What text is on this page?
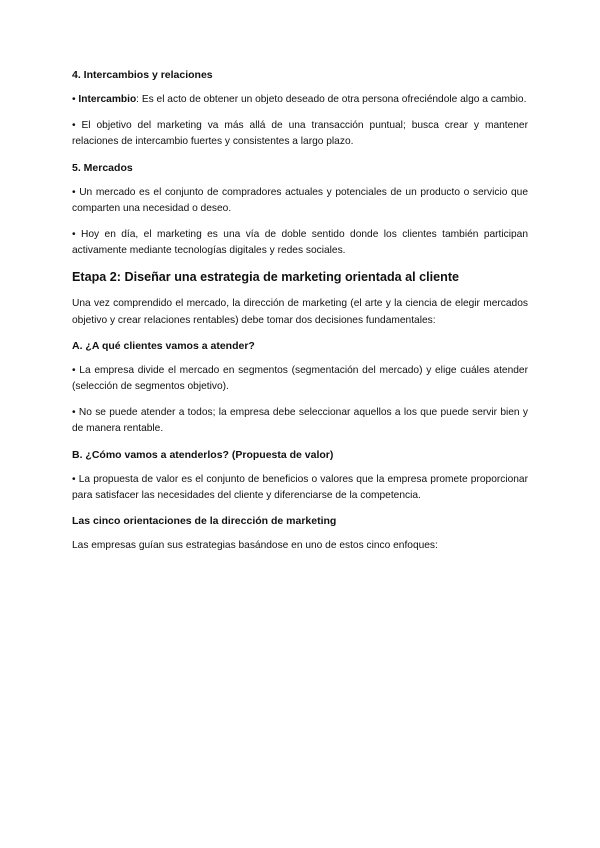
4. Intercambios y relaciones

• Intercambio: Es el acto de obtener un objeto deseado de otra persona ofreciéndole algo a cambio.

• El objetivo del marketing va más allá de una transacción puntual; busca crear y mantener relaciones de intercambio fuertes y consistentes a largo plazo.

5. Mercados

• Un mercado es el conjunto de compradores actuales y potenciales de un producto o servicio que comparten una necesidad o deseo.

• Hoy en día, el marketing es una vía de doble sentido donde los clientes también participan activamente mediante tecnologías digitales y redes sociales.

Etapa 2: Diseñar una estrategia de marketing orientada al cliente

Una vez comprendido el mercado, la dirección de marketing (el arte y la ciencia de elegir mercados objetivo y crear relaciones rentables) debe tomar dos decisiones fundamentales:

A. ¿A qué clientes vamos a atender?

• La empresa divide el mercado en segmentos (segmentación del mercado) y elige cuáles atender (selección de segmentos objetivo).

• No se puede atender a todos; la empresa debe seleccionar aquellos a los que puede servir bien y de manera rentable.

B. ¿Cómo vamos a atenderlos? (Propuesta de valor)

• La propuesta de valor es el conjunto de beneficios o valores que la empresa promete proporcionar para satisfacer las necesidades del cliente y diferenciarse de la competencia.

Las cinco orientaciones de la dirección de marketing

Las empresas guían sus estrategias basándose en uno de estos cinco enfoques:
